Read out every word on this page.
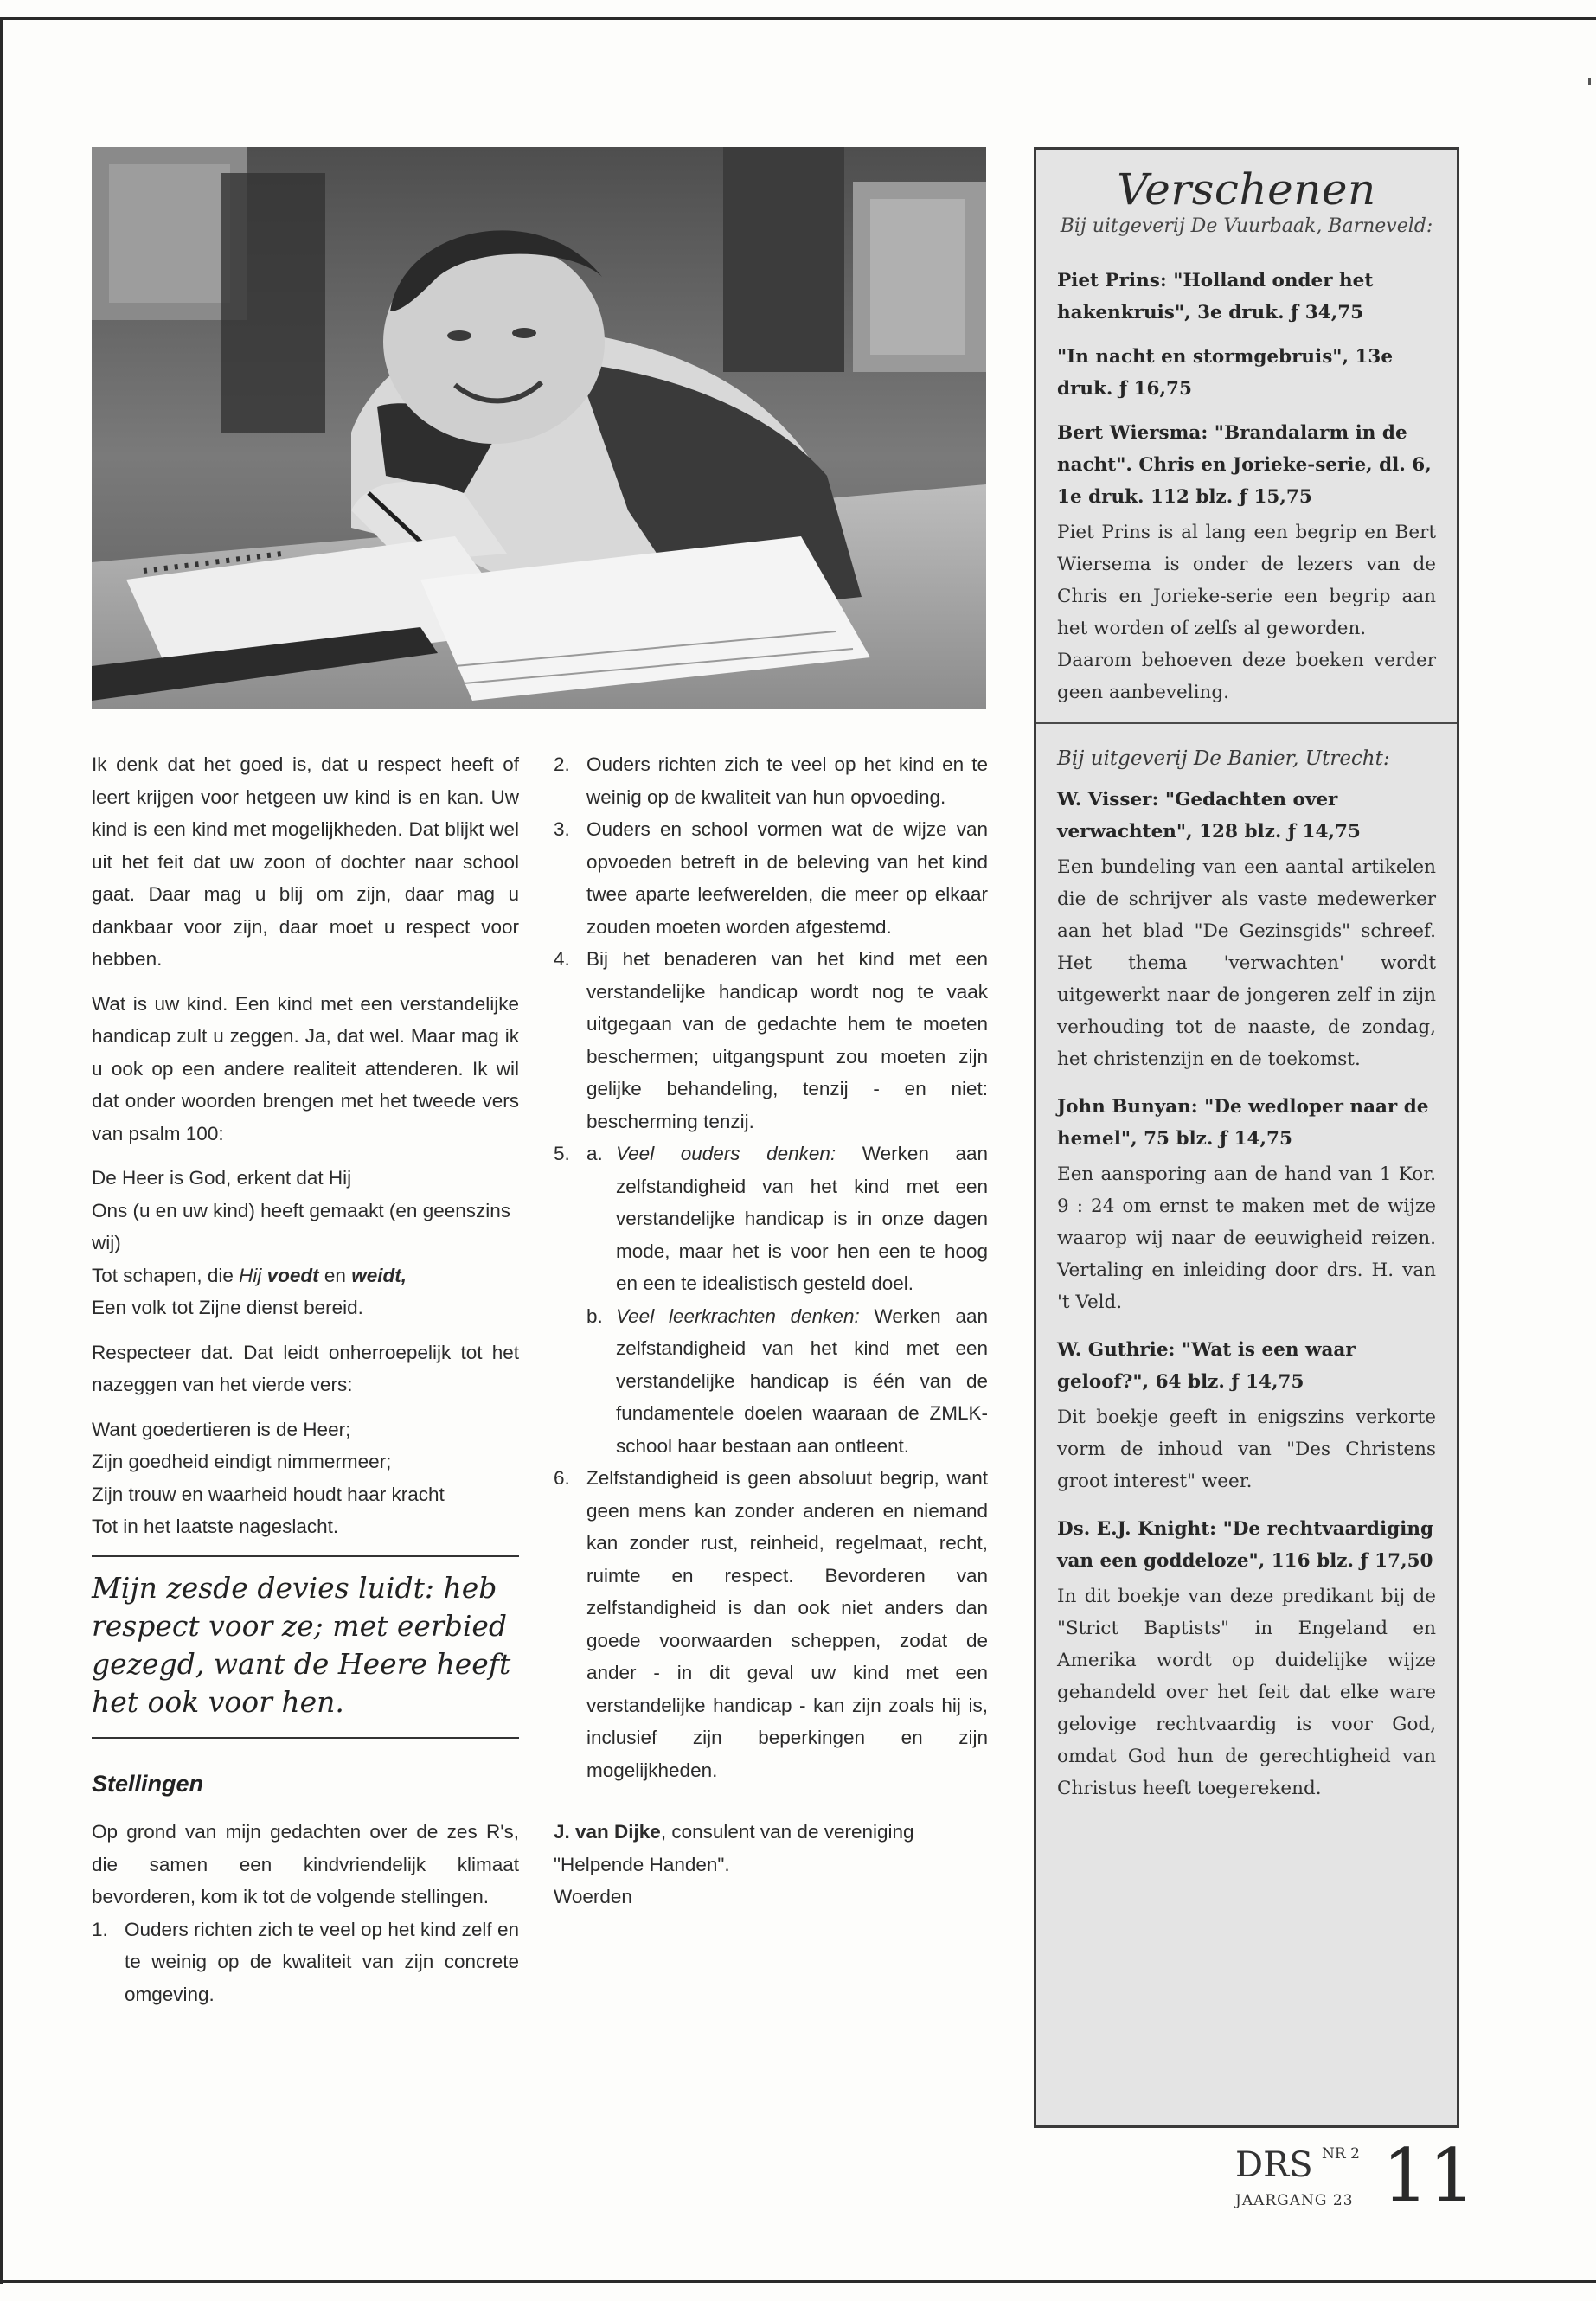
Ik denk dat het goed is, dat u respect heeft of leert krijgen voor hetgeen uw kind is en kan. Uw kind is een kind met mogelijkheden. Dat blijkt wel uit het feit dat uw zoon of dochter naar school gaat. Daar mag u blij om zijn, daar mag u dankbaar voor zijn, daar moet u respect voor hebben.

Wat is uw kind. Een kind met een verstandelijke handicap zult u zeggen. Ja, dat wel. Maar mag ik u ook op een andere realiteit attenderen. Ik wil dat onder woorden brengen met het tweede vers van psalm 100:

De Heer is God, erkent dat Hij
Ons (u en uw kind) heeft gemaakt (en geenszins wij)
Tot schapen, die Hij voedt en weidt,
Een volk tot Zijne dienst bereid.

Respecteer dat. Dat leidt onherroepelijk tot het nazeggen van het vierde vers:

Want goedertieren is de Heer;
Zijn goedheid eindigt nimmermeer;
Zijn trouw en waarheid houdt haar kracht
Tot in het laatste nageslacht.
Mijn zesde devies luidt: heb respect voor ze; met eerbied gezegd, want de Heere heeft het ook voor hen.
Stellingen

Op grond van mijn gedachten over de zes R's, die samen een kindvriendelijk klimaat bevorderen, kom ik tot de volgende stellingen.

1. Ouders richten zich te veel op het kind zelf en te weinig op de kwaliteit van zijn concrete omgeving.
2. Ouders richten zich te veel op het kind en te weinig op de kwaliteit van hun opvoeding.
3. Ouders en school vormen wat de wijze van opvoeden betreft in de beleving van het kind twee aparte leefwerelden, die meer op elkaar zouden moeten worden afgestemd.
4. Bij het benaderen van het kind met een verstandelijke handicap wordt nog te vaak uitgegaan van de gedachte hem te moeten beschermen; uitgangspunt zou moeten zijn gelijke behandeling, tenzij - en niet: bescherming tenzij.
5. a. Veel ouders denken: Werken aan zelfstandigheid van het kind met een verstandelijke handicap is in onze dagen mode, maar het is voor hen een te hoog en een te idealistisch gesteld doel.
b. Veel leerkrachten denken: Werken aan zelfstandigheid van het kind met een verstandelijke handicap is één van de fundamentele doelen waaraan de ZMLK-school haar bestaan aan ontleent.
6. Zelfstandigheid is geen absoluut begrip, want geen mens kan zonder anderen en niemand kan zonder rust, reinheid, regelmaat, recht, ruimte en respect. Bevorderen van zelfstandigheid is dan ook niet anders dan goede voorwaarden scheppen, zodat de ander - in dit geval uw kind met een verstandelijke handicap - kan zijn zoals hij is, inclusief zijn beperkingen en zijn mogelijkheden.
J. van Dijke, consulent van de vereniging "Helpende Handen".
Woerden
Verschenen
Bij uitgeverij De Vuurbaak, Barneveld:
Piet Prins: "Holland onder het hakenkruis", 3e druk. ƒ 34,75
"In nacht en stormgebruis", 13e druk. ƒ 16,75
Bert Wiersma: "Brandalarm in de nacht". Chris en Jorieke-serie, dl. 6, 1e druk. 112 blz. ƒ 15,75
Piet Prins is al lang een begrip en Bert Wiersema is onder de lezers van de Chris en Jorieke-serie een begrip aan het worden of zelfs al geworden.
Daarom behoeven deze boeken verder geen aanbeveling.
Bij uitgeverij De Banier, Utrecht:
W. Visser: "Gedachten over verwachten", 128 blz. ƒ 14,75
Een bundeling van een aantal artikelen die de schrijver als vaste medewerker aan het blad "De Gezinsgids" schreef. Het thema 'verwachten' wordt uitgewerkt naar de jongeren zelf in zijn verhouding tot de naaste, de zondag, het christenzijn en de toekomst.
John Bunyan: "De wedloper naar de hemel", 75 blz. ƒ 14,75
Een aansporing aan de hand van 1 Kor. 9 : 24 om ernst te maken met de wijze waarop wij naar de eeuwigheid reizen. Vertaling en inleiding door drs. H. van 't Veld.
W. Guthrie: "Wat is een waar geloof?", 64 blz. ƒ 14,75
Dit boekje geeft in enigszins verkorte vorm de inhoud van "Des Christens groot interest" weer.
Ds. E.J. Knight: "De rechtvaardiging van een goddeloze", 116 blz. ƒ 17,50
In dit boekje van deze predikant bij de "Strict Baptists" in Engeland en Amerika wordt op duidelijke wijze gehandeld over het feit dat elke ware gelovige rechtvaardig is voor God, omdat God hun de gerechtigheid van Christus heeft toegerekend.
DRS NR 2
JAARGANG 23 11
